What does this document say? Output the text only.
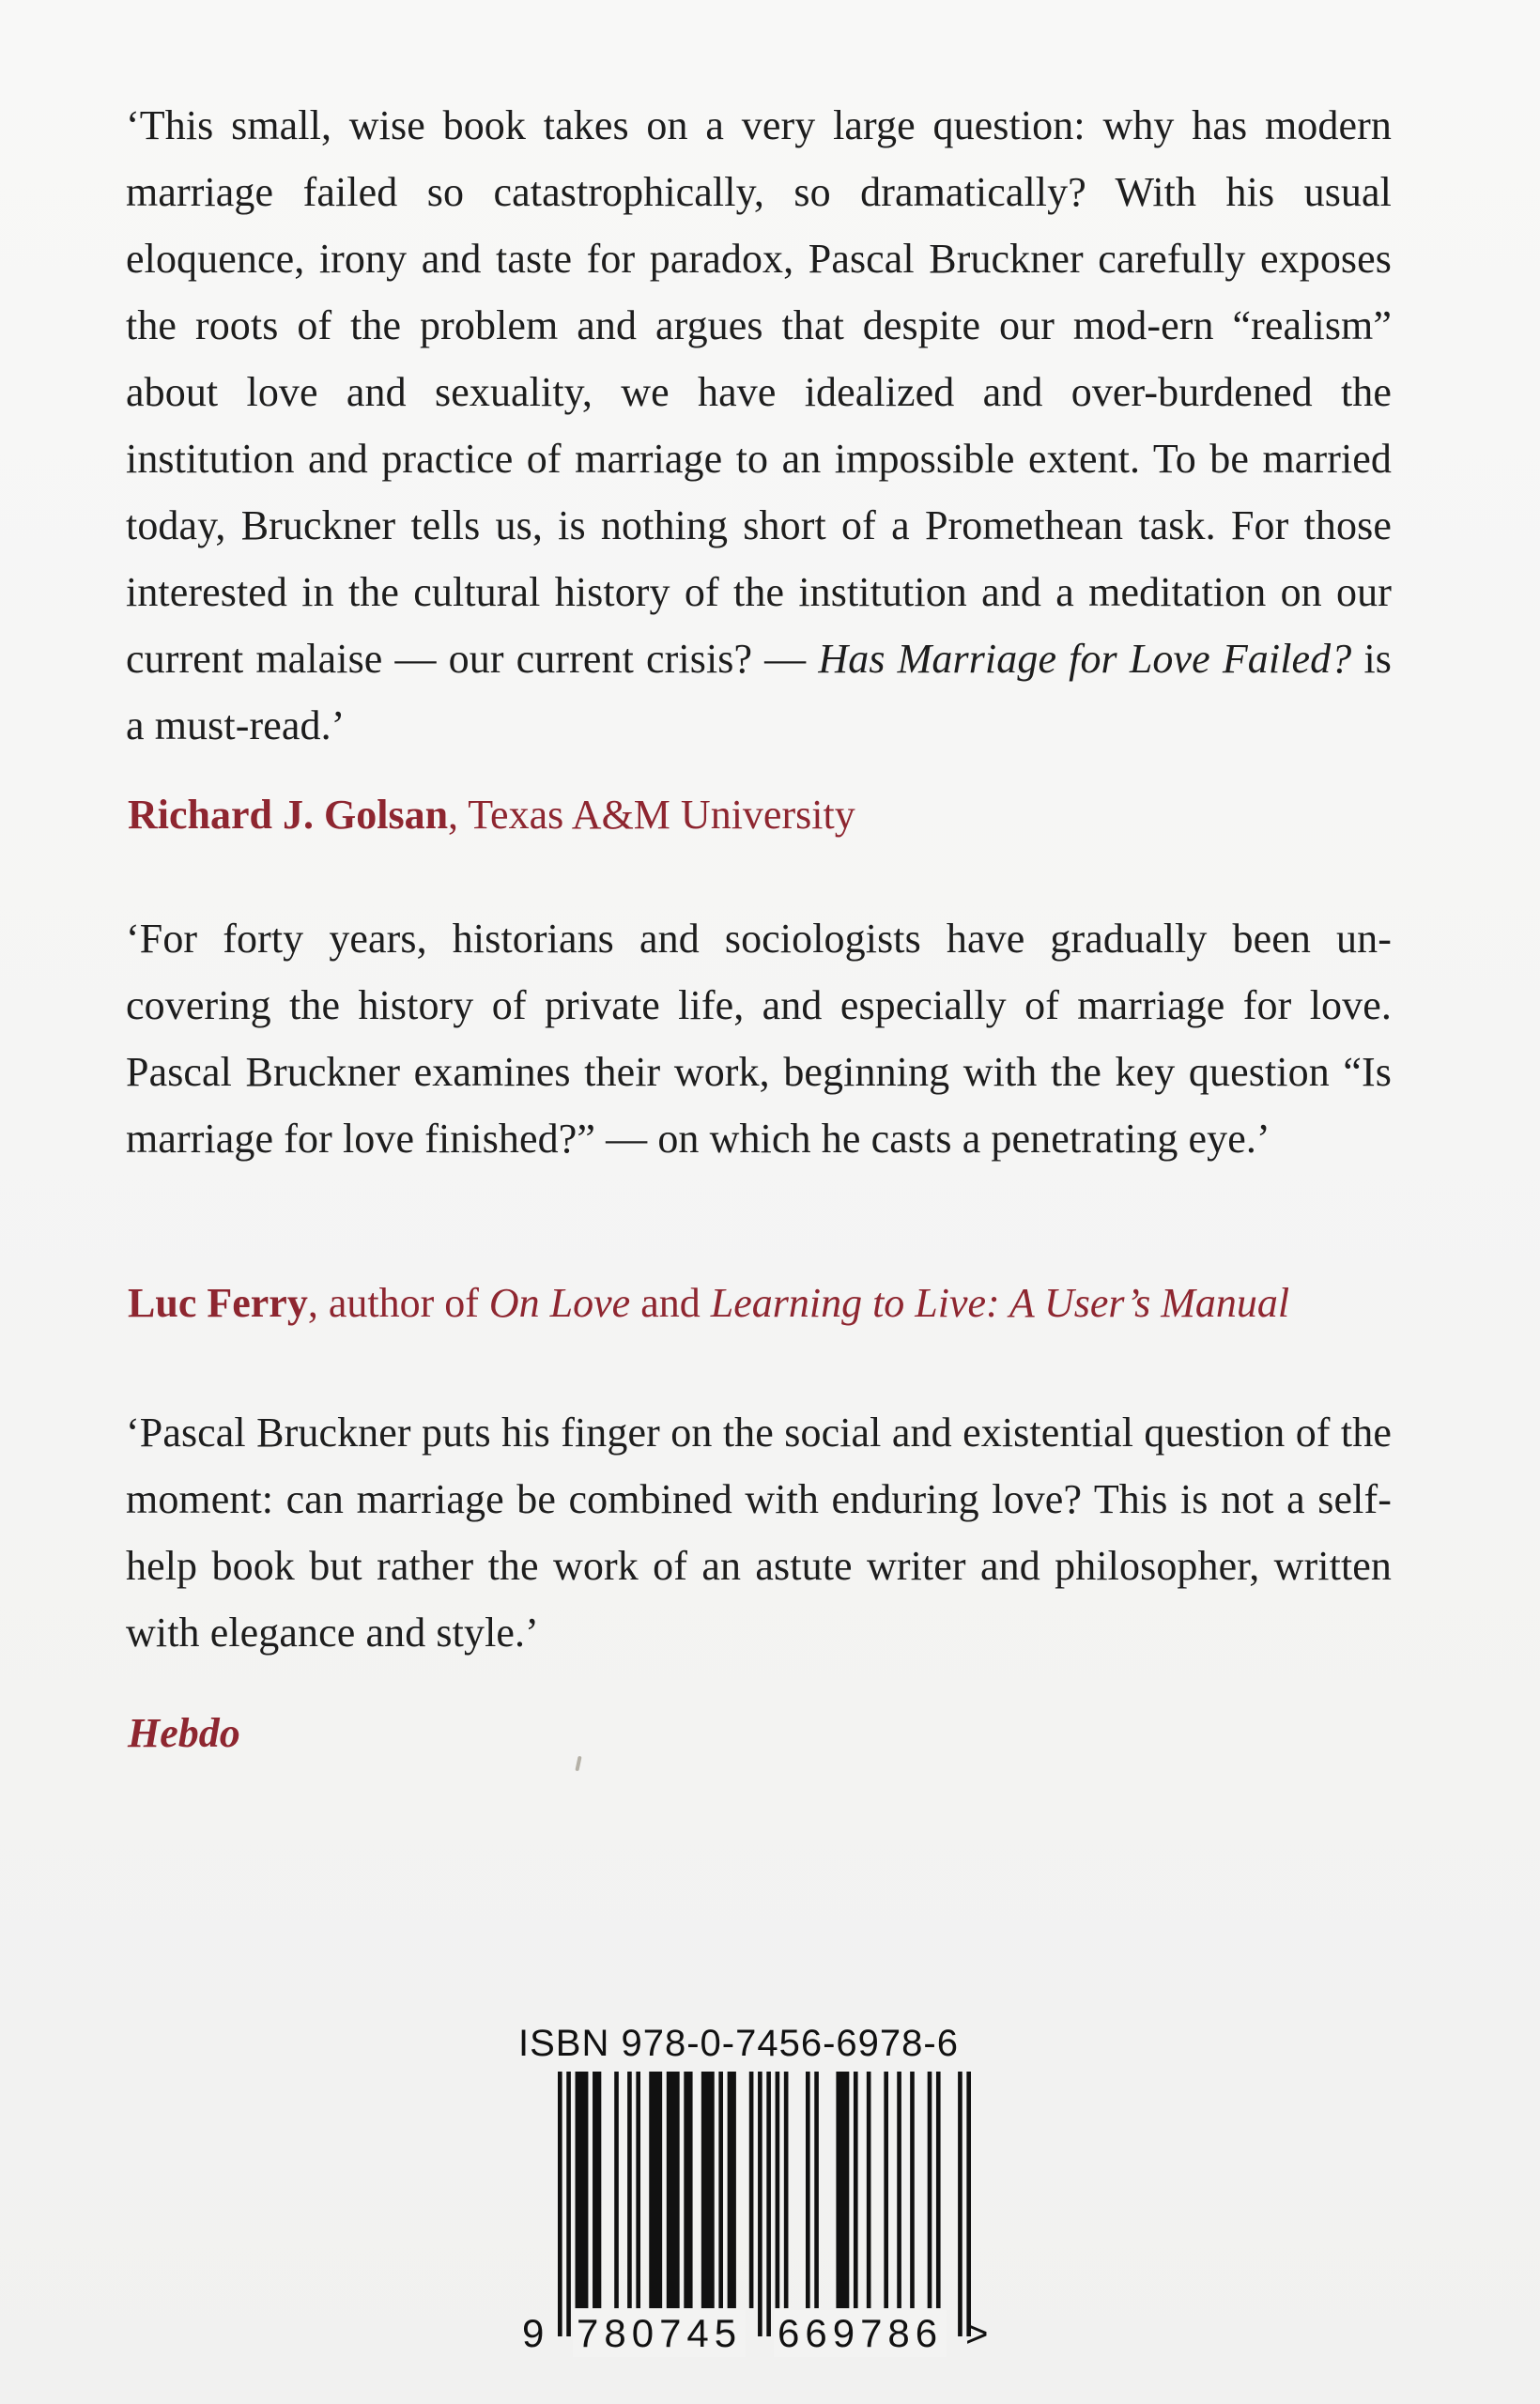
‘This small, wise book takes on a very large question: why has modern marriage failed so catastrophically, so dramatically? With his usual eloquence, irony and taste for paradox, Pascal Bruckner carefully exposes the roots of the problem and argues that despite our mod-ern “realism” about love and sexuality, we have idealized and over-burdened the institution and practice of marriage to an impossible extent. To be married today, Bruckner tells us, is nothing short of a Promethean task. For those interested in the cultural history of the institution and a meditation on our current malaise — our current crisis? — Has Marriage for Love Failed? is a must-read.’

Richard J. Golsan, Texas A&M University

‘For forty years, historians and sociologists have gradually been un-covering the history of private life, and especially of marriage for love. Pascal Bruckner examines their work, beginning with the key question “Is marriage for love finished?” — on which he casts a penetrating eye.’

Luc Ferry, author of On Love and Learning to Live: A User’s Manual

‘Pascal Bruckner puts his finger on the social and existential question of the moment: can marriage be combined with enduring love? This is not a self-help book but rather the work of an astute writer and philosopher, written with elegance and style.’

Hebdo
ISBN 978-0-7456-6978-6
9 780745 669786 >
